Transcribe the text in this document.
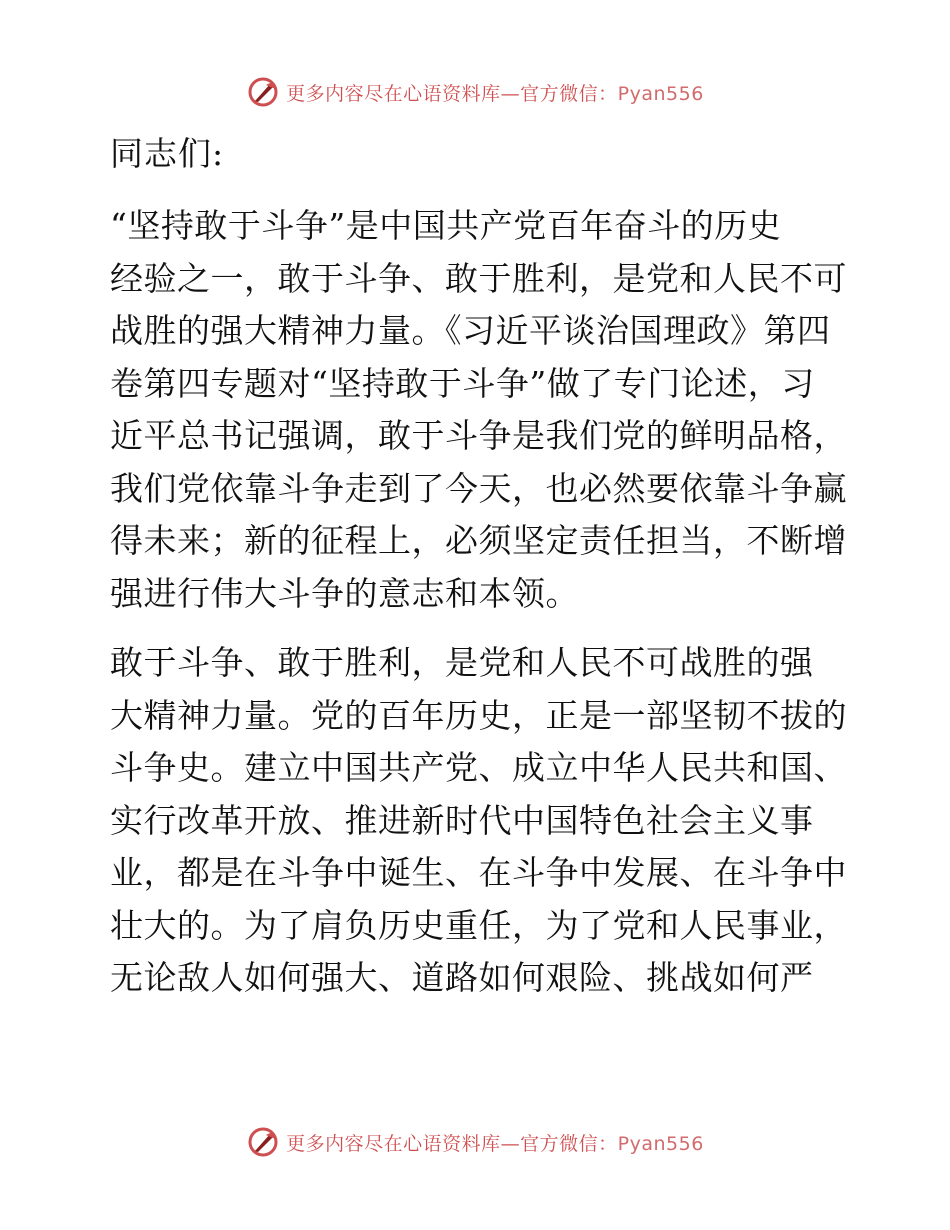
更多内容尽在心语资料库—官方微信：Pyan556
同志们:

“坚持敢于斗争”是中国共产党百年奋斗的历史
经验之一，敢于斗争、敢于胜利，是党和人民不可
战胜的强大精神力量。《习近平谈治国理政》第四
卷第四专题对“坚持敢于斗争”做了专门论述，习
近平总书记强调，敢于斗争是我们党的鲜明品格，
我们党依靠斗争走到了今天，也必然要依靠斗争赢
得未来；新的征程上，必须坚定责任担当，不断增
强进行伟大斗争的意志和本领。

敢于斗争、敢于胜利，是党和人民不可战胜的强
大精神力量。党的百年历史，正是一部坚韧不拔的
斗争史。建立中国共产党、成立中华人民共和国、
实行改革开放、推进新时代中国特色社会主义事
业，都是在斗争中诞生、在斗争中发展、在斗争中
壮大的。为了肩负历史重任，为了党和人民事业，
无论敌人如何强大、道路如何艰险、挑战如何严

更多内容尽在心语资料库—官方微信：Pyan556
